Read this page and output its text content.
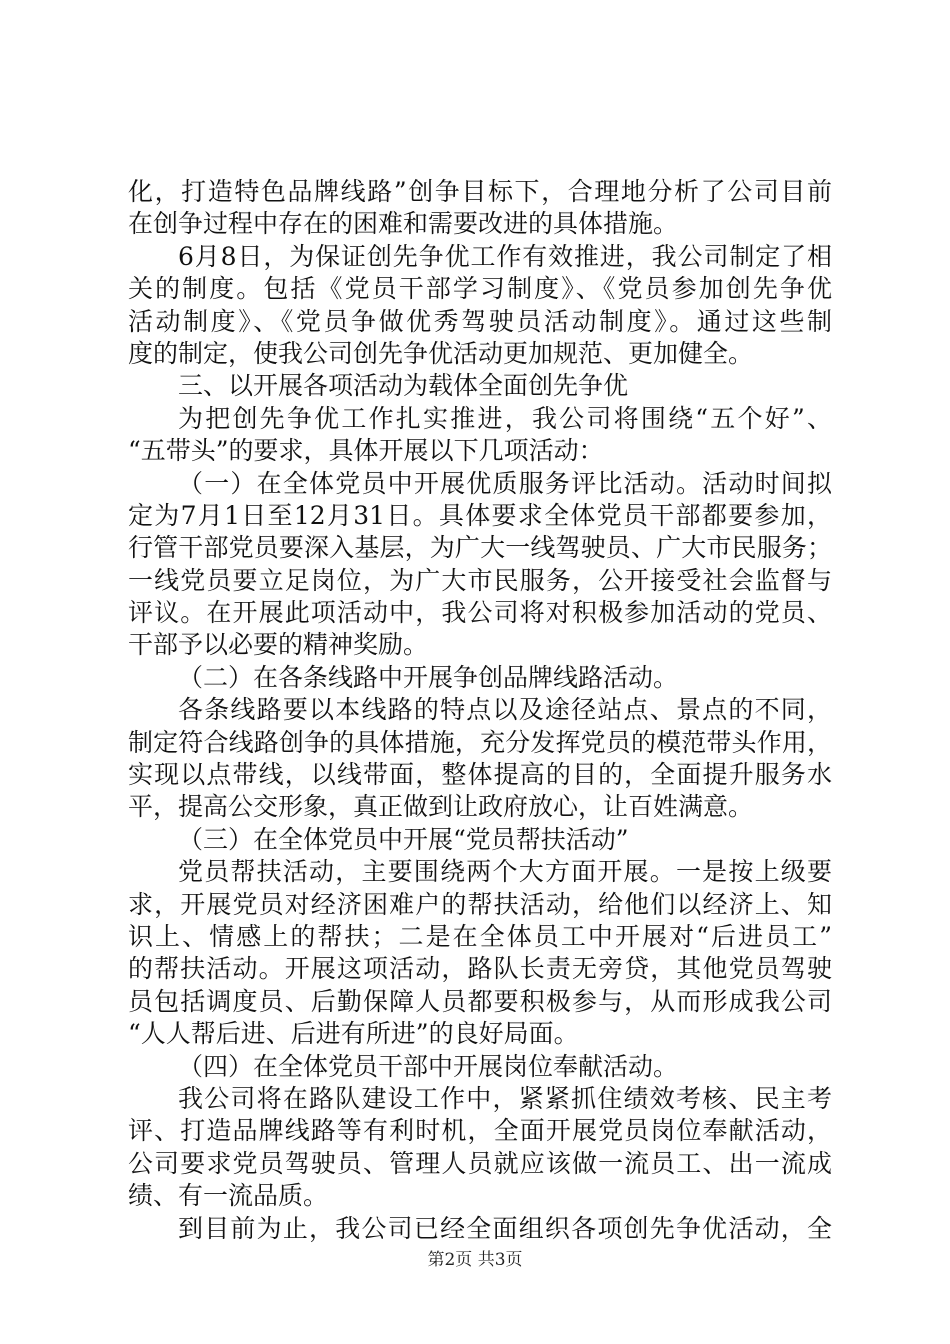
化，打造特色品牌线路”创争目标下，合理地分析了公司目前
在创争过程中存在的困难和需要改进的具体措施。
6月8日，为保证创先争优工作有效推进，我公司制定了相
关的制度。包括《党员干部学习制度》、《党员参加创先争优
活动制度》、《党员争做优秀驾驶员活动制度》。通过这些制
度的制定，使我公司创先争优活动更加规范、更加健全。
三、以开展各项活动为载体全面创先争优
为把创先争优工作扎实推进，我公司将围绕“五个好”、
“五带头”的要求，具体开展以下几项活动：
（一）在全体党员中开展优质服务评比活动。活动时间拟
定为7月1日至12月31日。具体要求全体党员干部都要参加，
行管干部党员要深入基层，为广大一线驾驶员、广大市民服务；
一线党员要立足岗位，为广大市民服务，公开接受社会监督与
评议。在开展此项活动中，我公司将对积极参加活动的党员、
干部予以必要的精神奖励。
（二）在各条线路中开展争创品牌线路活动。
各条线路要以本线路的特点以及途径站点、景点的不同，
制定符合线路创争的具体措施，充分发挥党员的模范带头作用，
实现以点带线，以线带面，整体提高的目的，全面提升服务水
平，提高公交形象，真正做到让政府放心，让百姓满意。
（三）在全体党员中开展“党员帮扶活动”
党员帮扶活动，主要围绕两个大方面开展。一是按上级要
求，开展党员对经济困难户的帮扶活动，给他们以经济上、知
识上、情感上的帮扶；二是在全体员工中开展对“后进员工”
的帮扶活动。开展这项活动，路队长责无旁贷，其他党员驾驶
员包括调度员、后勤保障人员都要积极参与，从而形成我公司
“人人帮后进、后进有所进”的良好局面。
（四）在全体党员干部中开展岗位奉献活动。
我公司将在路队建设工作中，紧紧抓住绩效考核、民主考
评、打造品牌线路等有利时机，全面开展党员岗位奉献活动，
公司要求党员驾驶员、管理人员就应该做一流员工、出一流成
绩、有一流品质。
到目前为止，我公司已经全面组织各项创先争优活动，全
第2页 共3页
